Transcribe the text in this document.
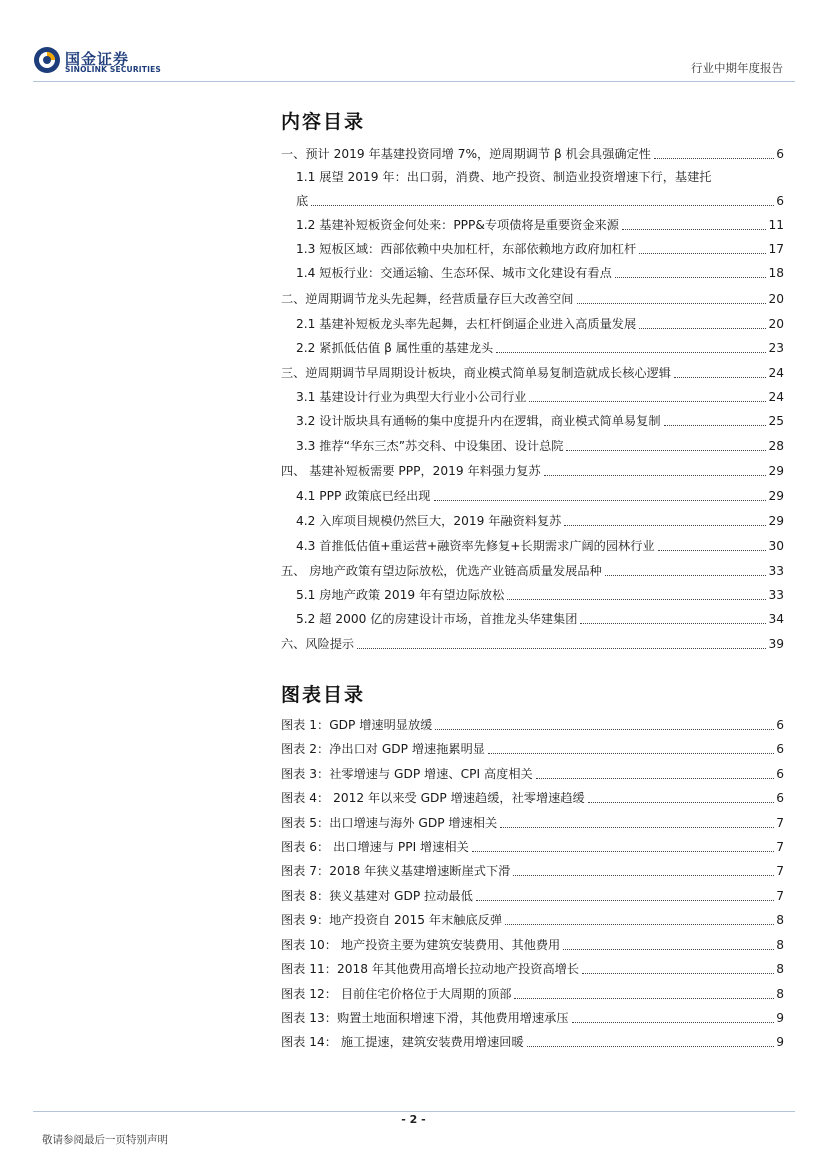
国金证券
SINOLINK SECURITIES	行业中期年度报告
内容目录
一、预计 2019 年基建投资同增 7%，逆周期调节 β 机会具强确定性	6
1.1 展望 2019 年：出口弱，消费、地产投资、制造业投资增速下行，基建托
底	6
1.2 基建补短板资金何处来：PPP&专项债将是重要资金来源	11
1.3 短板区域：西部依赖中央加杠杆，东部依赖地方政府加杠杆	17
1.4 短板行业：交通运输、生态环保、城市文化建设有看点	18
二、逆周期调节龙头先起舞，经营质量存巨大改善空间	20
2.1 基建补短板龙头率先起舞，去杠杆倒逼企业进入高质量发展	20
2.2 紧抓低估值 β 属性重的基建龙头	23
三、逆周期调节早周期设计板块，商业模式简单易复制造就成长核心逻辑	24
3.1 基建设计行业为典型大行业小公司行业	24
3.2 设计版块具有通畅的集中度提升内在逻辑，商业模式简单易复制	25
3.3 推荐“华东三杰”苏交科、中设集团、设计总院	28
四、 基建补短板需要 PPP，2019 年料强力复苏	29
4.1 PPP 政策底已经出现	29
4.2 入库项目规模仍然巨大，2019 年融资料复苏	29
4.3 首推低估值+重运营+融资率先修复+长期需求广阔的园林行业	30
五、 房地产政策有望边际放松，优选产业链高质量发展品种	33
5.1 房地产政策 2019 年有望边际放松	33
5.2 超 2000 亿的房建设计市场，首推龙头华建集团	34
六、风险提示	39
图表目录
图表 1：GDP 增速明显放缓	6
图表 2：净出口对 GDP 增速拖累明显	6
图表 3：社零增速与 GDP 增速、CPI 高度相关	6
图表 4： 2012 年以来受 GDP 增速趋缓，社零增速趋缓	6
图表 5：出口增速与海外 GDP 增速相关	7
图表 6： 出口增速与 PPI 增速相关	7
图表 7：2018 年狭义基建增速断崖式下滑	7
图表 8：狭义基建对 GDP 拉动最低	7
图表 9：地产投资自 2015 年末触底反弹	8
图表 10： 地产投资主要为建筑安装费用、其他费用	8
图表 11：2018 年其他费用高增长拉动地产投资高增长	8
图表 12： 目前住宅价格位于大周期的顶部	8
图表 13：购置土地面积增速下滑，其他费用增速承压	9
图表 14： 施工提速，建筑安装费用增速回暖	9
- 2 -
敬请参阅最后一页特别声明
